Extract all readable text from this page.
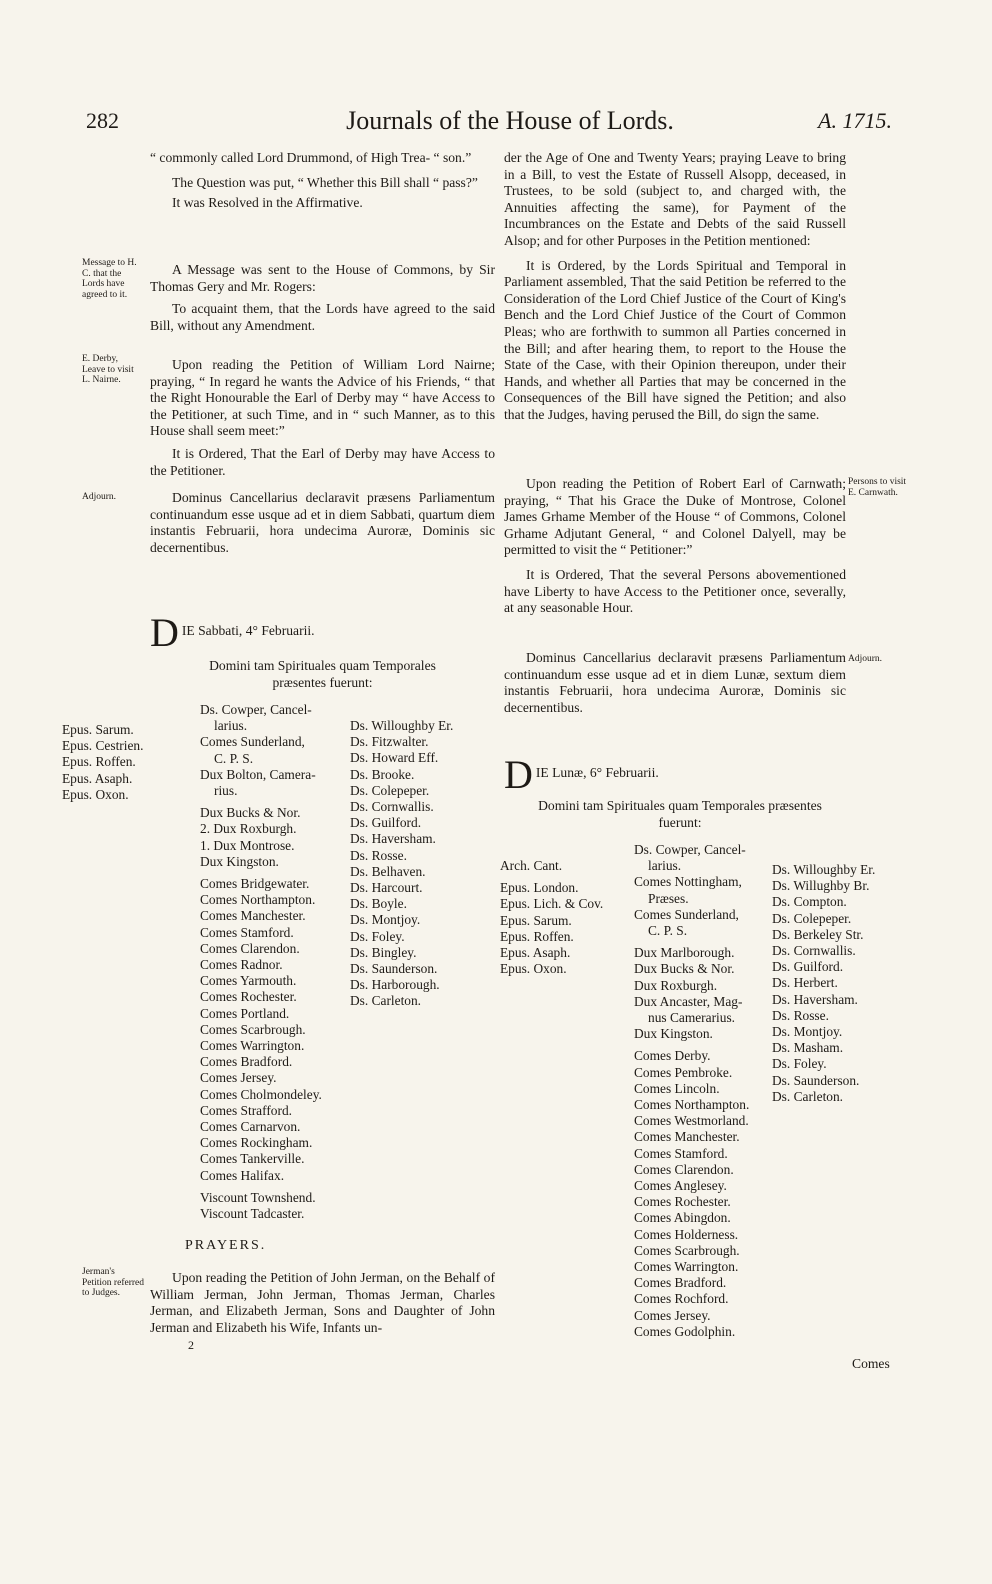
282	Journals of the House of Lords.	A. 1715.

“ commonly called Lord Drummond, of High Trea- “ son.”

The Question was put, “ Whether this Bill shall “ pass?”

It was Resolved in the Affirmative.

Message to H. C. that the Lords have agreed to it.

A Message was sent to the House of Commons, by Sir Thomas Gery and Mr. Rogers:

To acquaint them, that the Lords have agreed to the said Bill, without any Amendment.

E. Derby, Leave to visit L. Nairne.

Upon reading the Petition of William Lord Nairne; praying, “ In regard he wants the Advice of his Friends, “ that the Right Honourable the Earl of Derby may “ have Access to the Petitioner, at such Time, and in “ such Manner, as to this House shall seem meet:”

It is Ordered, That the Earl of Derby may have Access to the Petitioner.

Adjourn.	Dominus Cancellarius declaravit præsens Parliamentum continuandum esse usque ad et in diem Sabbati, quartum diem instantis Februarii, hora undecima Auroræ, Dominis sic decernentibus.

D IE Sabbati, 4° Februarii.
Domini tam Spirituales quam Temporales præsentes fuerunt:
Epus. Sarum.
Epus. Cestrien.
Epus. Roffen.
Epus. Asaph.
Epus. Oxon.
Ds. Cowper, Cancel-
larius.
Comes Sunderland,
C. P. S.
Dux Bolton, Camera-
rius.
Dux Bucks & Nor.
2. Dux Roxburgh.
1. Dux Montrose.
Dux Kingston.
Comes Bridgewater.
Comes Northampton.
Comes Manchester.
Comes Stamford.
Comes Clarendon.
Comes Radnor.
Comes Yarmouth.
Comes Rochester.
Comes Portland.
Comes Scarbrough.
Comes Warrington.
Comes Bradford.
Comes Jersey.
Comes Cholmondeley.
Comes Strafford.
Comes Carnarvon.
Comes Rockingham.
Comes Tankerville.
Comes Halifax.
Viscount Townshend.
Viscount Tadcaster.
Ds. Willoughby Er.
Ds. Fitzwalter.
Ds. Howard Eff.
Ds. Brooke.
Ds. Colepeper.
Ds. Cornwallis.
Ds. Guilford.
Ds. Haversham.
Ds. Rosse.
Ds. Belhaven.
Ds. Harcourt.
Ds. Boyle.
Ds. Montjoy.
Ds. Foley.
Ds. Bingley.
Ds. Saunderson.
Ds. Harborough.
Ds. Carleton.
PRAYERS.
Jerman's Petition referred to Judges.

Upon reading the Petition of John Jerman, on the Behalf of William Jerman, John Jerman, Thomas Jerman, Charles Jerman, and Elizabeth Jerman, Sons and Daughter of John Jerman and Elizabeth his Wife, Infants un-

2

der the Age of One and Twenty Years; praying Leave to bring in a Bill, to vest the Estate of Russell Alsopp, deceased, in Trustees, to be sold (subject to, and charged with, the Annuities affecting the same), for Payment of the Incumbrances on the Estate and Debts of the said Russell Alsop; and for other Purposes in the Petition mentioned:

It is Ordered, by the Lords Spiritual and Temporal in Parliament assembled, That the said Petition be referred to the Consideration of the Lord Chief Justice of the Court of King's Bench and the Lord Chief Justice of the Court of Common Pleas; who are forthwith to summon all Parties concerned in the Bill; and after hearing them, to report to the House the State of the Case, with their Opinion thereupon, under their Hands, and whether all Parties that may be concerned in the Consequences of the Bill have signed the Petition; and also that the Judges, having perused the Bill, do sign the same.

Persons to visit E. Carnwath.

Upon reading the Petition of Robert Earl of Carnwath; praying, “ That his Grace the Duke of Montrose, Colonel James Grhame Member of the House “ of Commons, Colonel Grhame Adjutant General, “ and Colonel Dalyell, may be permitted to visit the “ Petitioner:”

It is Ordered, That the several Persons abovementioned have Liberty to have Access to the Petitioner once, severally, at any seasonable Hour.

Adjourn.

Dominus Cancellarius declaravit præsens Parliamentum continuandum esse usque ad et in diem Lunæ, sextum diem instantis Februarii, hora undecima Auroræ, Dominis sic decernentibus.

D IE Lunæ, 6° Februarii.
Domini tam Spirituales quam Temporales præsentes fuerunt:
Arch. Cant.
Epus. London.
Epus. Lich. & Cov.
Epus. Sarum.
Epus. Roffen.
Epus. Asaph.
Epus. Oxon.
Ds. Cowper, Cancel-
larius.
Comes Nottingham,
Præses.
Comes Sunderland,
C. P. S.
Dux Marlborough.
Dux Bucks & Nor.
Dux Roxburgh.
Dux Ancaster, Mag-
nus Camerarius.
Dux Kingston.
Comes Derby.
Comes Pembroke.
Comes Lincoln.
Comes Northampton.
Comes Westmorland.
Comes Manchester.
Comes Stamford.
Comes Clarendon.
Comes Anglesey.
Comes Rochester.
Comes Abingdon.
Comes Holderness.
Comes Scarbrough.
Comes Warrington.
Comes Bradford.
Comes Rochford.
Comes Jersey.
Comes Godolphin.
Ds. Willoughby Er.
Ds. Willughby Br.
Ds. Compton.
Ds. Colepeper.
Ds. Berkeley Str.
Ds. Cornwallis.
Ds. Guilford.
Ds. Herbert.
Ds. Haversham.
Ds. Rosse.
Ds. Montjoy.
Ds. Masham.
Ds. Foley.
Ds. Saunderson.
Ds. Carleton.
Comes
